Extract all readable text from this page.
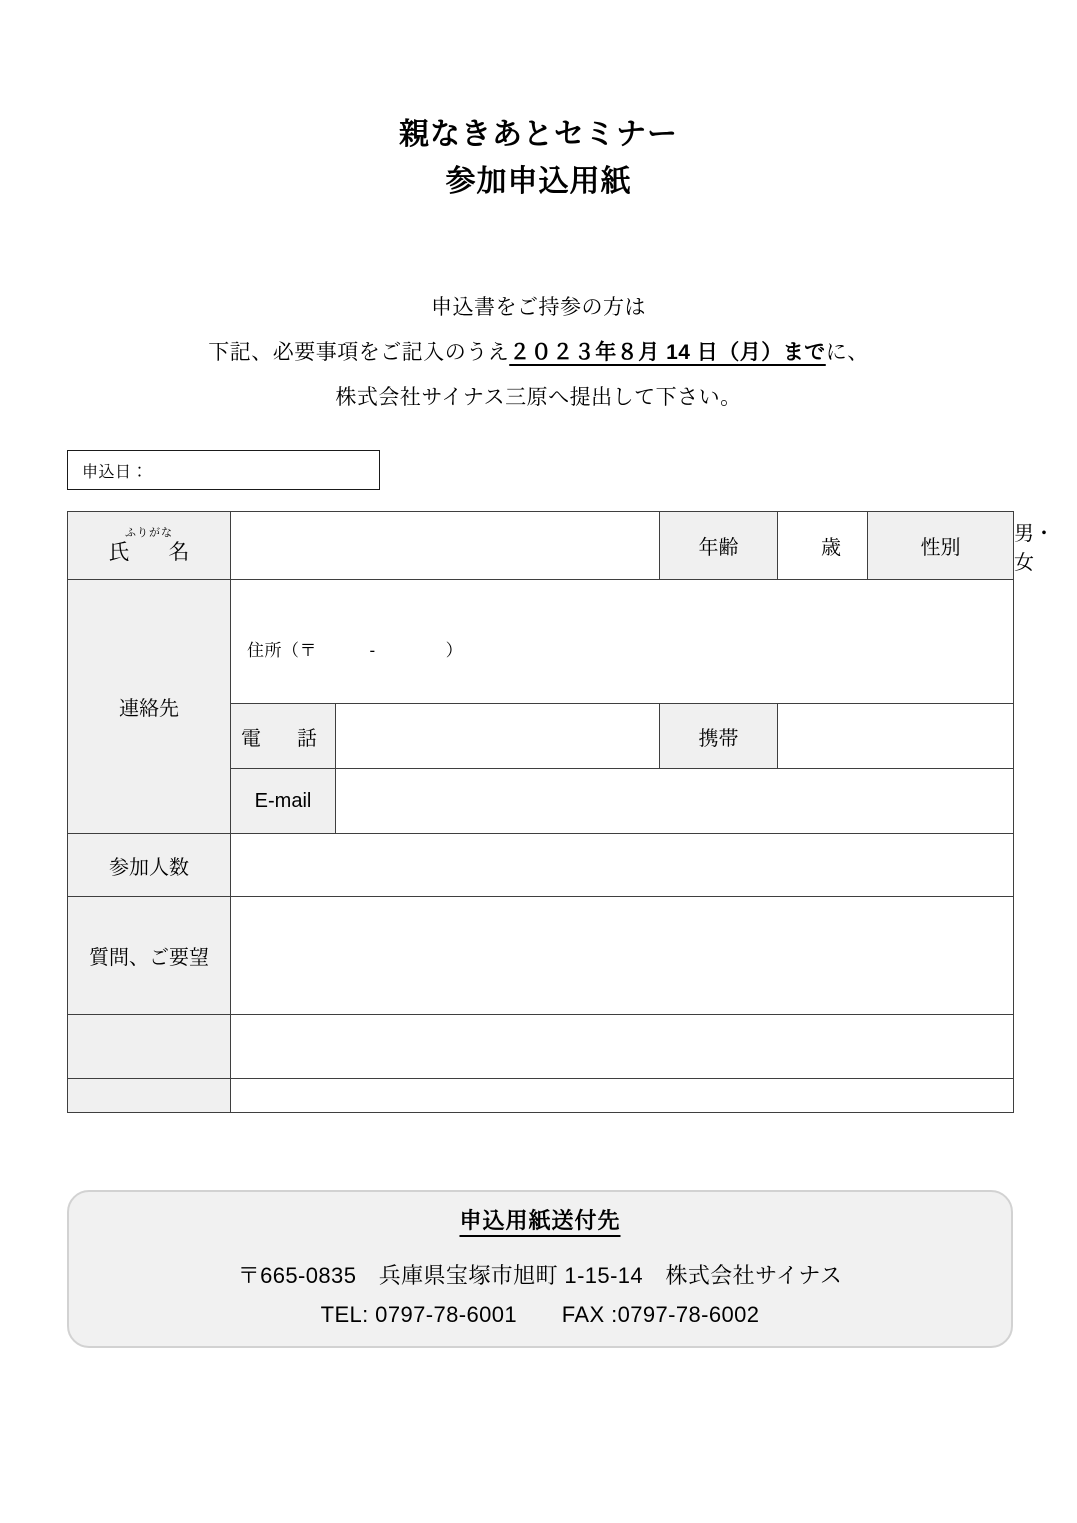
親なきあとセミナー
参加申込用紙
申込書をご持参の方は
下記、必要事項をご記入のうえ２０２３年８月 14 日（月）までに、
株式会社サイナス三原へ提出して下さい。
申込日：
ふりがな
氏　名			年齢	歳	性別	男・女
連絡先	住所（〒　　　-　　　　）					

	電　話		携帯			
	E-mail					
参加人数						
質問、ご要望						

申込用紙送付先
〒665-0835　兵庫県宝塚市旭町 1-15-14　株式会社サイナス
TEL: 0797-78-6001　　FAX :0797-78-6002
